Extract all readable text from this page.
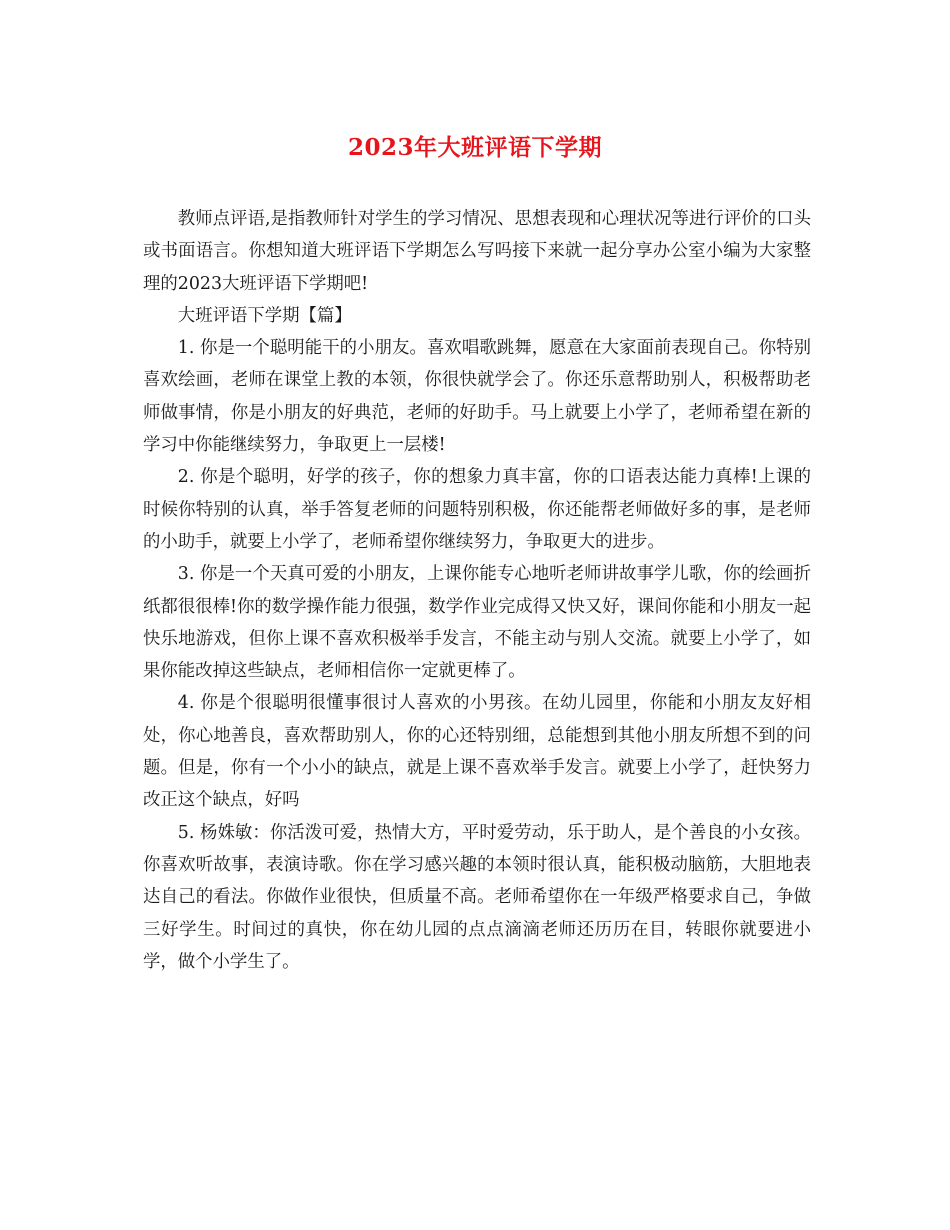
2023年大班评语下学期

教师点评语,是指教师针对学生的学习情况、思想表现和心理状况等进行评价的口头或书面语言。你想知道大班评语下学期怎么写吗接下来就一起分享办公室小编为大家整理的2023大班评语下学期吧!

大班评语下学期【篇】

1. 你是一个聪明能干的小朋友。喜欢唱歌跳舞，愿意在大家面前表现自己。你特别喜欢绘画，老师在课堂上教的本领，你很快就学会了。你还乐意帮助别人，积极帮助老师做事情，你是小朋友的好典范，老师的好助手。马上就要上小学了，老师希望在新的学习中你能继续努力，争取更上一层楼!

2. 你是个聪明，好学的孩子，你的想象力真丰富，你的口语表达能力真棒!上课的时候你特别的认真，举手答复老师的问题特别积极，你还能帮老师做好多的事，是老师的小助手，就要上小学了，老师希望你继续努力，争取更大的进步。

3. 你是一个天真可爱的小朋友，上课你能专心地听老师讲故事学儿歌，你的绘画折纸都很很棒!你的数学操作能力很强，数学作业完成得又快又好，课间你能和小朋友一起快乐地游戏，但你上课不喜欢积极举手发言，不能主动与别人交流。就要上小学了，如果你能改掉这些缺点，老师相信你一定就更棒了。

4. 你是个很聪明很懂事很讨人喜欢的小男孩。在幼儿园里，你能和小朋友友好相处，你心地善良，喜欢帮助别人，你的心还特别细，总能想到其他小朋友所想不到的问题。但是，你有一个小小的缺点，就是上课不喜欢举手发言。就要上小学了，赶快努力改正这个缺点，好吗

5. 杨姝敏：你活泼可爱，热情大方，平时爱劳动，乐于助人，是个善良的小女孩。你喜欢听故事，表演诗歌。你在学习感兴趣的本领时很认真，能积极动脑筋，大胆地表达自己的看法。你做作业很快，但质量不高。老师希望你在一年级严格要求自己，争做三好学生。时间过的真快，你在幼儿园的点点滴滴老师还历历在目，转眼你就要进小学，做个小学生了。
